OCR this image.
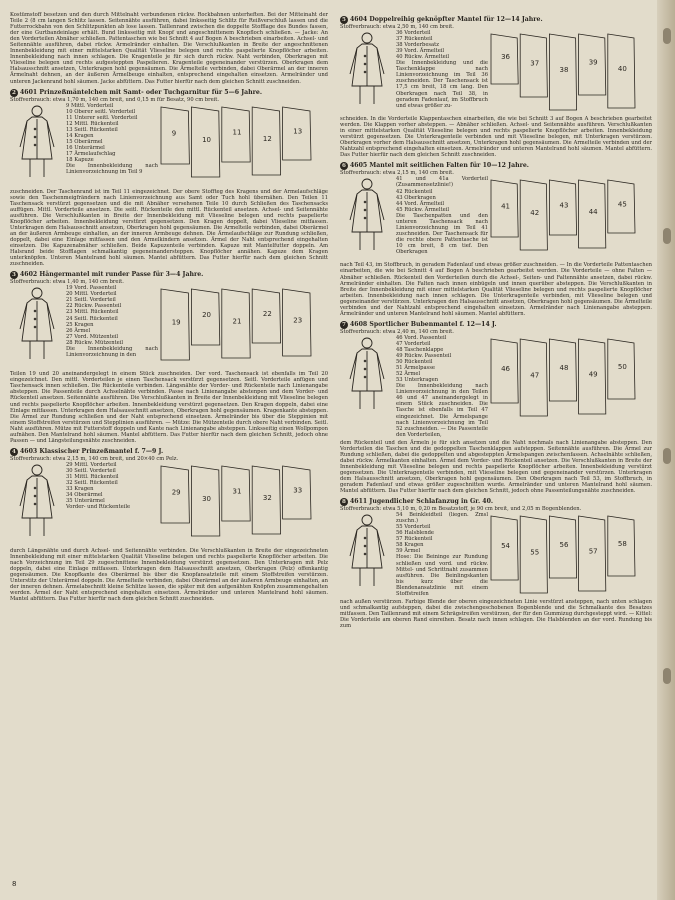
Kostümstoff besetzen und den durch Mittelnaht verbundenen rückw. Rockbahnen unterheften. Bei der Mitteinaht der Teile 2 (8 cm langen Schlitz lassen. Seitennähte ausführen, dabei linksseitig Schlitz für Reißverschluß lassen und die Futterrockbahn von den Schlitzpunkten ab lose lassen. Taillenrand zwischen die doppelte Stofflage des Bundes fassen, der eine Gurtbandeinlage erhält. Bund linksseitig mit Knopf und angeschnittenem Knopfloch schließen. — Jacke: An den Vorderteilen Abnäher schließen. Pattentaschen wie bei Schnitt 4 auf Bogen A beschrieben einarbeiten. Achsel- und Seitennähte ausführen, dabei rückw. Armelränder einhalten. Die Verschlußkanten in Breite der angeschnittenen Innenbekleidung mit einer mittelstarken Qualität Vlieseline belegen und rechts paspelierte Knopflöcher arbeiten. Innenbekleidung nach innen schlagen. Die Kragenteile je für sich durch rückw. Naht verbinden, Oberkragen mit Vlieseline belegen und rechts aufgesteppten Paspelieren. Kragenteile gegeneinander verstürzen. Oberkragen dem Halsausschnitt ansetzen, Unterkragen hohl gegensäumen. Die Ärmelteile verbinden, dabei Oberärmel an der inneren Ärmelnaht dehnen, an der äußeren Ärmelbeuge einhalten, entsprechend eingehalten einsetzen. Armelränder und unteren Jackenrand hohl säumen. Jacke abfüttern. Das Futter hierfür nach dem gleichen Schnitt zuschneiden.

2 4601 Prinzeßmäntelchen mit Samt- oder Tuchgarnitur für 5—6 Jahre.
Stoffverbrauch: etwa 1,70 m, 140 cm breit, und 0,15 m für Besatz, 90 cm breit.
9 Mittl. Vorderteil
10 Oberer seitl. Vorderteil
11 Unterer seitl. Vorderteil
12 Mittl. Rückenteil
13 Seitl. Rückenteil
14 Kragen
15 Oberärmel
16 Unterärmel
17 Ärmelaufschlag
18 Kapuze
Die Innenbekleidung nach Linienvorzeichnung im Teil 9
9
10
11
12
13
zuschneiden. Der Taschenrand ist im Teil 11 eingezeichnet. Der obere Stoffteg des Kragens und der Armelaufschläge sowie den Taschenmeigfrändern nach Linienvorzeichnung aus Samt oder Tuch hohl übernähen. Den Teilen 11 Taschensack verstürzt gegensetzen und die mit Abnäher versehenen Teile 10 durch Schließen des Taschensacks auffügen. Mittl. Vorderteile ansetzen. Die seitl. Rückenteile den mittl. Rückenteil ansetzen. Achsel- und Seitennähte ausführen. Die Verschlußkanten in Breite der Innenbekleidung mit Vlieseline belegen und rechts paspelierte Knopflöcher arbeiten. Innenbekleidung verstürzt gegensetzen. Den Kragen doppelt, dabei Vlieseline mitfassen. Unterkragen dem Halsausschnitt ansetzen, Oberkragen hohl gegensäumen. Die Armelteile verbinden, dabei Oberärmel an der äußeren Armbeuge einhalten, an der inneren Armbeuge dehnen. Die Ärmelaufschläge zur Rundung schließen, doppelt, dabei eine Einlage mitfassen und den Armelkindern ansetzen. Ärmel der Naht entsprechend eingehalten einsetzen. Die Kapuzenabnäher schließen. Beide Kapuzenteile verbinden. Kapuze mit Mantelfutter doppeln. Am Halsrand beide Stofflagen schmalkantig gegeneinandersteppen. Knopflöcher annähen. Kapuze dem Kragen unterknöpfen. Unteren Mantelrand hohl säumen. Mantel abfüttern. Das Futter hierfür nach dem gleichen Schnitt zuschneiden.
3 4602 Hängermantel mit runder Passe für 3—4 Jahre.
Stoffverbrauch: etwa 1,40 m, 140 cm breit.
19 Vord. Passenteil
20 Mittl. Vorderteil
21 Seitl. Vorderteil
22 Rückw. Passenteil
23 Mittl. Rückenteil
24 Seitl. Rückenteil
25 Kragen
26 Ärmel
27 Vord. Mützenteil
28 Rückw. Mützenteil
Die Innenbekleidung nach Linienvorzeichnung in den
19
20
21
22
23
Teilen 19 und 20 aneinandergelegt in einem Stück zuschneiden. Der vord. Taschensack ist ebenfalls im Teil 20 eingezeichnet. Den mittl. Vorderteilen je einen Taschensack verstürzt gegensetzen. Seitl. Vorderteile anfügen und Taschensack innen schließen. Die Rückenteile verbinden. Längsnähte der Vorder- und Rückenteile nach Linienangabe absteppen. Die Passenteile durch Achselnähte verbinden. Passe nach Linienangabe abstenpen und dem Vorder- und Rückenteil ansetzen. Seitennähte ausführen. Die Verschlußkanten in Breite der Innenbekleidung mit Vlieseline belegen und rechts paspelierte Knopflöcher arbeiten. Innenbekleidung verstürzt gegensetzen. Den Kragen doppeln, dabei eine Einlage mitfassen. Unterkragen dem Halsausschnitt ansetzen, Oberkragen hohl gegensäumen. Kragenkante absteppen. Die Ärmel zur Rundung schließen und der Naht entsprechend einsetzen. Ärmelränder bis über die Steppinien mit einem Stoffstreifen verstürzen und Stepplinien ausführen. — Mütze: Die Mützenteile durch obere Naht verbinden. Seitl. Naht ausführen. Mütze mit Futterstoff doppeln und Kante nach Linienangabe absteppen. Linksseitig einen Wollpompon aufnähen. Den Mantelrand hohl säumen. Mantel abfüttern. Das Futter hierfür nach dem gleichen Schnitt, jedoch ohne Passen — und Längsteilungsnähte zuschneiden.
4 4603 Klassischer Prinzeßmantel f. 7—9 J.
Stoffverbrauch: etwa 2,15 m, 140 cm breit, und 20×40 cm Pelz.
29 Mittl. Vorderteil
30 Seitl. Vorderteil
31 Mittl. Rückenteil
32 Seitl. Rückenteil
33 Kragen
34 Oberärmel
35 Unterärmel
Vorder- und Rückenteile
29
30
31
32
33
durch Längsnähte und durch Achsel- und Seitennähte verbinden. Die Verschlußkanten in Breite der eingezeichneten Innenbekleidung mit einer mittelstarken Qualität Vlieseline belegen und rechts paspelierte Knopflöcher arbeiten. Die nach Vorzeichnung im Teil 29 zugeschnittene Innenbekleidung verstürzt gegensetzen. Den Unterkragen mit Pelz doppeln, dabei eine Einlage mitfassen. Unterkragen dem Halsausschnitt ansetzen, Oberkragen (Pelz) offenkantig gegensäumen. Die Knopfkante des Oberärmel bis über die Knopfansatzteile mit einem Stoffstreifen verstürzen. Unterstitz der Unterärmel doppeln. Die Armelteile verbinden, dabei Oberärmel an der äußeren Armbeuge einhalten, an der inneren dehnen. Ärmelabschnitt kleine Schlitze lassen, die später mit den aufgenähten Knöpfen zusammengehalten werden. Ärmel der Naht entsprechend eingehalten einsetzen. Ärmelränder und unteren Mantelrand hohl säumen. Mantel abfüttern. Das Futter hierfür nach dem gleichen Schnitt zuschneiden.
5 4604 Doppelreihig geknöpfter Mantel für 12—14 Jahre.
Stoffverbrauch: etwa 2,50 m, 140 cm breit.
36 Vorderteil
37 Rückenteil
38 Vorderbesatz
39 Vord. Ärmelteil
40 Rückw. Ärmelteil
Die Innenbekleidung und die Taschenklappe nach Linienvorzeichnung im Teil 36 zuschneiden. Der Taschensack ist 17,5 cm breit, 18 cm lang. Den Oberkragen nach Teil 38, in geradem Fadenlauf, im Stoffbruch und etwas größer zu-
36
37
38
39
40
schneiden. In die Vorderteile Klappentaschen einarbeiten, die wie bei Schnitt 3 auf Bogen A beschrieben gearbeitet werden. Die Klappen vorher absteppen. — Abnäher schließen. Achsel- und Seitennähte ausführen. Verschlußkanten in einer mittelstarken Qualität Vlieseline belegen und rechts paspelierte Knopflöcher arbeiten. Innenbekleidung verstürzt gegensetzen. Die Unterkragenteile verbinden und mit Vlieseline belegen, mit Unterkragen verstürzen. Oberkragen vorher dem Halsausschnitt ansetzen, Unterkragen hohl gegensäumen. Die Armelteile verbinden und der Nahtzahl entsprechend eingehalten einsetzen. Armelränder und unteren Mantelrand hohl säumen. Mantel abfüttern. Das Futter hierfür nach dem gleichen Schnitt zuschneiden.
6 4605 Mantel mit seitlichen Falten für 10—12 Jahre.
Stoffverbrauch: etwa 2,15 m, 140 cm breit.
41 und 41a Vorderteil (Zusammensetzlinie!)
42 Rückenteil
43 Oberkragen
44 Vord. Ärmelteil
45 Rückw. Ärmelteil
Die Taschenpatten und den unteren Taschensack nach Linienvorzeichnung im Teil 41 zuschneiden. Der Taschensack für die rechte obere Pattentasche ist 10 cm breit, 8 cm tief. Den Oberkragen
41
42
43
44
45
nach Teil 43, im Stoffbruch, in geradem Fadenlauf und etwas größer zuschneiden. — In die Vorderteile Pattentaschen einarbeiten, die wie bei Schnitt 4 auf Bogen A beschrieben gearbeitet werden. Die Vorderteile — ohne Falten — Abnäher schließen. Rückenteil den Vorderteilen durch die Achsel-, Seiten- und Faltennähte ansetzen, dabei rückw. Armelränder einhalten. Die Falten nach innen einbügeln und innen querüber absteppen. Die Verschlußkanten in Breite der Innenbekleidung mit einer mittelstarken Qualität Vlieseline belegen und rechts paspelierte Knopflöcher arbeiten. Innenbekleidung nach innen schlagen. Die Unterkragenteile verbinden, mit Vlieseline belegen und gegeneinander verstürzen. Unterkragen den Halsausschnitt ansetzen, Oberkragen hohl gegensäumen. Die Ärmelteile verbinden und der Nahtzahl entsprechend eingehalten einsetzen. Armelränder nach Linienangabe absteppen. Ärmelränder und unteren Mantelrand hohl säumen. Mantel abfüttern.
7 4608 Sportlicher Bubenmantel f. 12—14 J.
Stoffverbrauch: etwa 2,40 m, 140 cm breit.
46 Vord. Passenteil
47 Vorderteil
48 Taschenklappe
49 Rückw. Passenteil
50 Rückenteil
51 Ärmelpasse
52 Ärmel
53 Unterkragen
Die Innenbekleidung nach Linienvorzeichnung in den Teilen 46 und 47 aneinandergelegt in einem Stück zuschneiden. Die Tasche ist ebenfalls im Teil 47 eingezeichnet. Die Ärmelspange nach Linienvorzeichnung im Teil 52 zuschneiden. — Die Passenteile den Vorderteilen,
46
47
48
49
50
dem Rückenteil und den Ärmeln je für sich ansetzen und die Naht nochmals nach Linienangabe absteppen. Den Vorderteilen die Taschen und die gedoppelten Taschenklappen aufsteppen. Seitennähte ausführen. Die Ärmel zur Rundung schließen, dabei die gedoppelten und abgesteppten Ärmelspangen zwischenfassen. Achselnähte schließen, dabei rückw. Ärmelkanten einhalten. Ärmel dem Vorder- und Rückenteil ansetzen. Die Verschlußkanten in Breite der Innenbekleidung mit Vlieseline belegen und rechts paspelierte Knopflöcher arbeiten. Innenbekleidung verstürzt gegensetzen. Die Unterkragenteile verbinden, mit Vlieseline belegen und gegeneinander verstürzen. Unterkragen dem Halsausschnitt ansetzen, Oberkragen hohl gegensäumen. Den Oberkragen nach Teil 53, im Stoffbruch, in geradem Fadenlauf und etwas größer zugeschnitten wurde. Armelränder und unteren Mantelrand hohl säumen. Mantel abfüttern. Das Futter hierfür nach dem gleichen Schnitt, jedoch ohne Passenteilungsnähte zuschneiden.
8 4611 Jugendlicher Schlafanzug in Gr. 40.
Stoffverbrauch: etwa 5,10 m, 0,20 m Besatzstoff, je 90 cm breit, und 2,05 m Bogenblenden.
54 Beinkleidteil (liegen. Zmsl zuschn.)
55 Vorderteil
56 Halsblende
57 Rückenteil
58 Kragen
59 Ärmel
Hose: Die Beininge zur Rundung schließen und vord. und rückw. Mittel- und Schrittnaht zusammen ausführen. Die Beinlingskanten bis kurz über die Blendenansatzlinie mit einem Stoffstreifen
54
55
56
57
58
nach außen verstürzen. Farbige Blende der oberen eingezeichneten Linie verstürzt ansteppen, nach unten schlagen und schmalkantig aufsteppen, dabei die zwischengeschobenen Bogenblende und die Schmalkante des Besatzes mitfassen. Den Taillenrand mit einem Schrägstreifen verstürzen, der für den Gummizug durchgesteppt wird. — Kittel: Die Vorderteile am oberen Rand einreihen. Besatz nach innen schlagen. Die Halsblenden an der vord. Rundung bis zum
8
